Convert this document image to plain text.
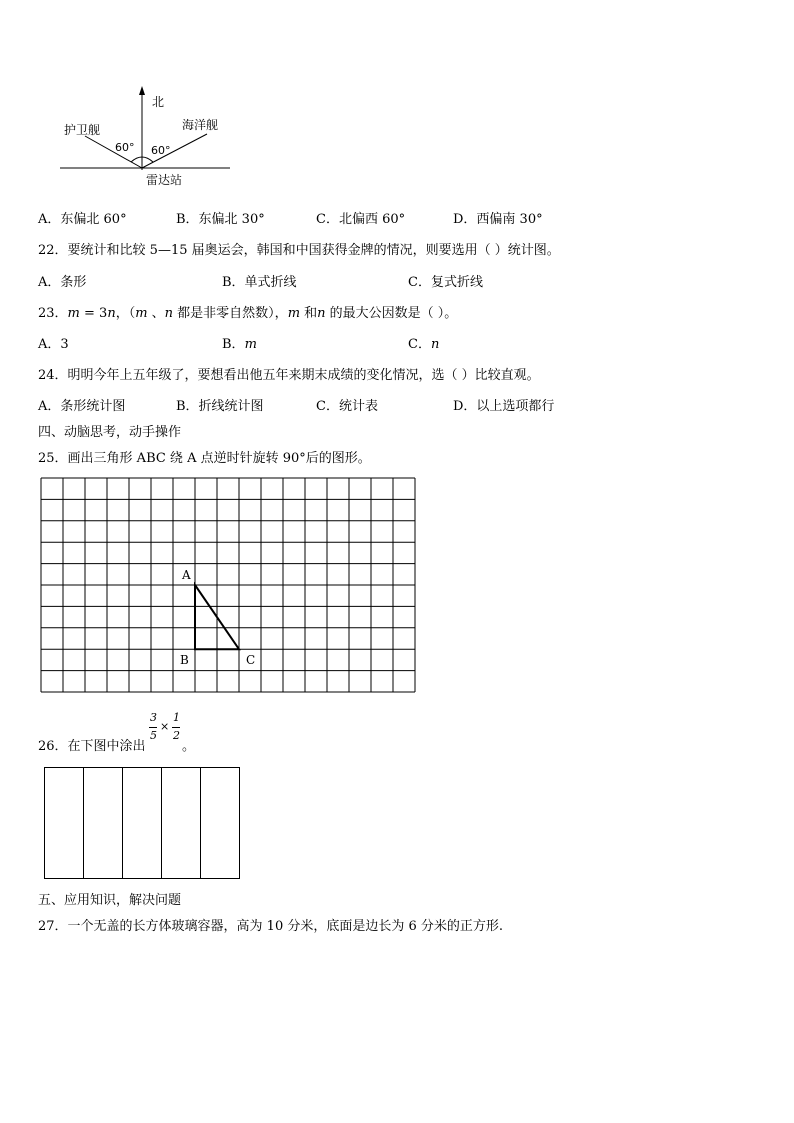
北
护卫舰	海洋舰
60° 60°
雷达站
A．东偏北 60°	B．东偏北 30°	C．北偏西 60°	D．西偏南 30°
22．要统计和比较 5—15 届奥运会，韩国和中国获得金牌的情况，则要选用（ ）统计图。
A．条形	B．单式折线	C．复式折线
23．m = 3n，（m 、n 都是非零自然数），m 和n 的最大公因数是（ ）。
A．3	B．m	C．n
24．明明今年上五年级了，要想看出他五年来期末成绩的变化情况，选（ ）比较直观。
A．条形统计图	B．折线统计图	C．统计表	D．以上选项都行
四、动脑思考，动手操作
25．画出三角形 ABC 绕 A 点逆时针旋转 90°后的图形。
A
B	C
26．在下图中涂出
3
5
×
1
2
。
五、应用知识，解决问题
27．一个无盖的长方体玻璃容器，高为 10 分米，底面是边长为 6 分米的正方形.
